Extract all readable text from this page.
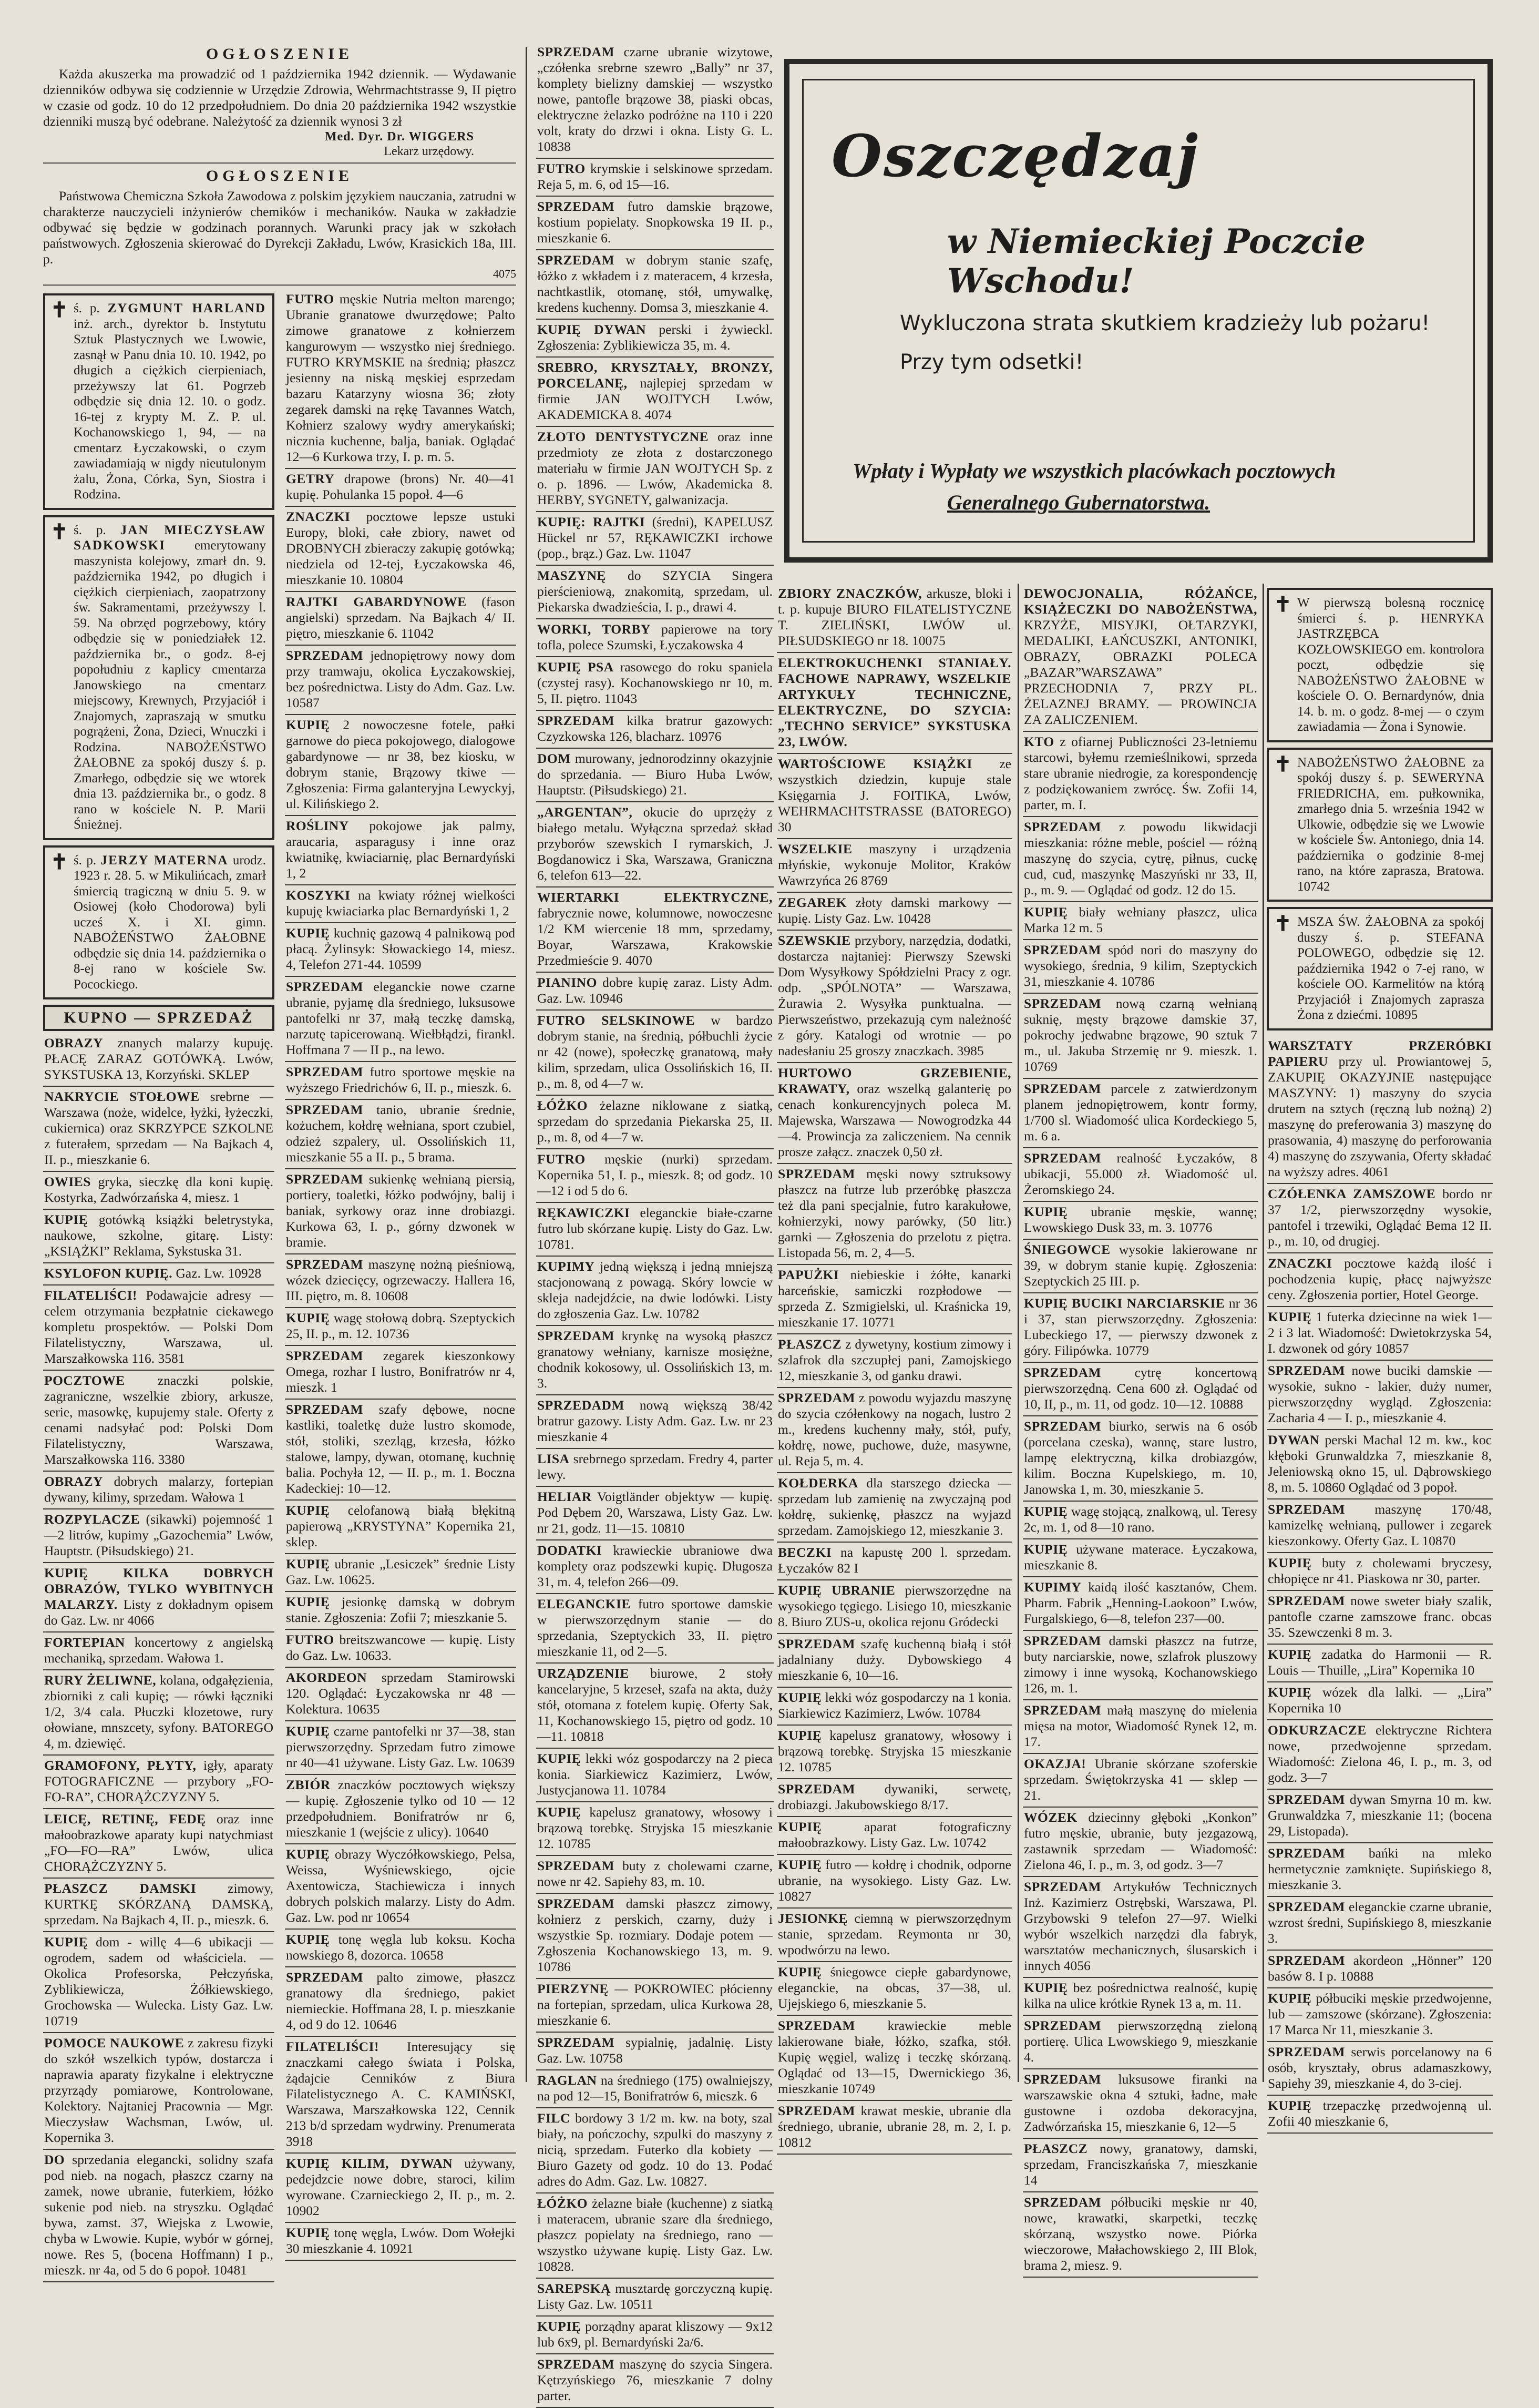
OGŁOSZENIE
Każda akuszerka ma prowadzić od 1 października 1942 dziennik. — Wydawanie dzienników odbywa się codziennie w Urzędzie Zdrowia, Wehrmachtstrasse 9, II piętro w czasie od godz. 10 do 12 przedpołudniem. Do dnia 20 października 1942 wszystkie dzienniki muszą być odebrane. Należytość za dziennik wynosi 3 zł
Med. Dyr. Dr. WIGGERS
Lekarz urzędowy.
OGŁOSZENIE
Państwowa Chemiczna Szkoła Zawodowa z polskim językiem nauczania, zatrudni w charakterze nauczycieli inżynierów chemików i mechaników. Nauka w zakładzie odbywać się będzie w godzinach porannych. Warunki pracy jak w szkołach państwowych. Zgłoszenia skierować do Dyrekcji Zakładu, Lwów, Krasickich 18a, III. p.
4075
✝ ś. p. ZYGMUNT HARLAND inż. arch., dyrektor b. Instytutu Sztuk Plastycznych we Lwowie, zasnął w Panu dnia 10. 10. 1942, po długich a ciężkich cierpieniach, przeżywszy lat 61. Pogrzeb odbędzie się dnia 12. 10. o godz. 16-tej z krypty M. Z. P. ul. Kochanowskiego 1, 94, — na cmentarz Łyczakowski, o czym zawiadamiają w nigdy nieutulonym żalu, Żona, Córka, Syn, Siostra i Rodzina.
✝ ś. p. JAN MIECZYSŁAW SADKOWSKI emerytowany maszynista kolejowy, zmarł dn. 9. października 1942, po długich i ciężkich cierpieniach, zaopatrzony św. Sakramentami, przeżywszy l. 59. Na obrzęd pogrzebowy, który odbędzie się w poniedziałek 12. października br., o godz. 8-ej popołudniu z kaplicy cmentarza Janowskiego na cmentarz miejscowy, Krewnych, Przyjaciół i Znajomych, zapraszają w smutku pogrążeni, Żona, Dzieci, Wnuczki i Rodzina. NABOŻEŃSTWO ŻAŁOBNE za spokój duszy ś. p. Zmarłego, odbędzie się we wtorek dnia 13. października br., o godz. 8 rano w kościele N. P. Marii Śnieżnej.
✝ ś. p. JERZY MATERNA urodz. 1923 r. 28. 5. w Mikulińcach, zmarł śmiercią tragiczną w dniu 5. 9. w Osiowej (koło Chodorowa) byli ucześ X. i XI. gimn. NABOŻEŃSTWO ŻAŁOBNE odbędzie się dnia 14. października o 8-ej rano w kościele Sw. Pocockiego.
KUPNO — SPRZEDAŻ
OBRAZY znanych malarzy kupuję. PŁACĘ ZARAZ GOTÓWKĄ. Lwów, SYKSTUSKA 13, Korzyński. SKLEP
NAKRYCIE STOŁOWE srebrne — Warszawa (noże, widelce, łyżki, łyżeczki, cukiernica) oraz SKRZYPCE SZKOLNE z futerałem, sprzedam — Na Bajkach 4, II. p., mieszkanie 6.
OWIES gryka, sieczkę dla koni kupię. Kostyrka, Zadwórzańska 4, miesz. 1
KUPIĘ gotówką książki beletrystyka, naukowe, szkolne, gitarę. Listy: „KSIĄŻKI” Reklama, Sykstuska 31.
KSYLOFON KUPIĘ. Gaz. Lw. 10928
FILATELIŚCI! Podawajcie adresy — celem otrzymania bezpłatnie ciekawego kompletu prospektów. — Polski Dom Filatelistyczny, Warszawa, ul. Marszałkowska 116. 3581
POCZTOWE znaczki polskie, zagraniczne, wszelkie zbiory, arkusze, serie, masowkę, kupujemy stale. Oferty z cenami nadsyłać pod: Polski Dom Filatelistyczny, Warszawa, Marszałkowska 116. 3380
OBRAZY dobrych malarzy, fortepian dywany, kilimy, sprzedam. Wałowa 1
ROZPYLACZE (sikawki) pojemność 1—2 litrów, kupimy „Gazochemia” Lwów, Hauptstr. (Piłsudskiego) 21.
KUPIĘ KILKA DOBRYCH OBRAZÓW, TYLKO WYBITNYCH MALARZY. Listy z dokładnym opisem do Gaz. Lw. nr 4066
FORTEPIAN koncertowy z angielską mechaniką, sprzedam. Wałowa 1.
RURY ŻELIWNE, kolana, odgałęzienia, zbiorniki z cali kupię; — rówki łączniki 1/2, 3/4 cala. Płuczki klozetowe, rury ołowiane, mnszcety, syfony. BATOREGO 4, m. dziewięć.
GRAMOFONY, PŁYTY, igły, aparaty FOTOGRAFICZNE — przybory „FO-FO-RA”, CHORĄŻCZYZNY 5.
LEICĘ, RETINĘ, FEDĘ oraz inne małoobrazkowe aparaty kupi natychmiast „FO—FO—RA” Lwów, ulica CHORĄŻCZYZNY 5.
PŁASZCZ DAMSKI zimowy, KURTKĘ SKÓRZANĄ DAMSKĄ, sprzedam. Na Bajkach 4, II. p., mieszk. 6.
KUPIĘ dom - willę 4—6 ubikacji — ogrodem, sadem od właściciela. — Okolica Profesorska, Pełczyńska, Zyblikiewicza, Żółkiewskiego, Grochowska — Wulecka. Listy Gaz. Lw. 10719
POMOCE NAUKOWE z zakresu fizyki do szkół wszelkich typów, dostarcza i naprawia aparaty fizykalne i elektryczne przyrządy pomiarowe, Kontrolowane, Kolektory. Najtaniej Pracownia — Mgr. Mieczysław Wachsman, Lwów, ul. Kopernika 3.
DO sprzedania elegancki, solidny szafa pod nieb. na nogach, płaszcz czarny na zamek, nowe ubranie, futerkiem, łóżko sukenie pod nieb. na stryszku. Oglądać bywa, zamst. 37, Wiejska z Lwowie, chyba w Lwowie. Kupie, wybór w górnej, nowe. Res 5, (bocena Hoffmann) I p., mieszk. nr 4a, od 5 do 6 popoł. 10481
FUTRO męskie Nutria melton marengo; Ubranie granatowe dwurzędowe; Palto zimowe granatowe z kołnierzem kangurowym — wszystko niej średniego. FUTRO KRYMSKIE na średnią; płaszcz jesienny na niską męskiej esprzedam bazaru Katarzyny wiosna 36; złoty zegarek damski na rękę Tavannes Watch, Kołnierz szalowy wydry amerykański; nicznia kuchenne, balja, baniak. Oglądać 12—6 Kurkowa trzy, I. p. m. 5.
GETRY drapowe (brons) Nr. 40—41 kupię. Pohulanka 15 popoł. 4—6
ZNACZKI pocztowe lepsze ustuki Europy, bloki, całe zbiory, nawet od DROBNYCH zbieraczy zakupię gotówką; niedziela od 12-tej, Łyczakowska 46, mieszkanie 10. 10804
RAJTKI GABARDYNOWE (fason angielski) sprzedam. Na Bajkach 4/ II. piętro, mieszkanie 6. 11042
SPRZEDAM jednopiętrowy nowy dom przy tramwaju, okolica Łyczakowskiej, bez pośrednictwa. Listy do Adm. Gaz. Lw. 10587
KUPIĘ 2 nowoczesne fotele, pałki garnowe do pieca pokojowego, dialogowe gabardynowe — nr 38, bez kiosku, w dobrym stanie, Brązowy tkiwe — Zgłoszenia: Firma galanteryjna Lewyckyj, ul. Kilińskiego 2.
ROŚLINY pokojowe jak palmy, araucaria, asparagusy i inne oraz kwiatnikę, kwiaciarnię, plac Bernardyński 1, 2
KOSZYKI na kwiaty różnej wielkości kupuję kwiaciarka plac Bernardyński 1, 2
KUPIĘ kuchnię gazową 4 palnikową pod płacą. Żylinsyk: Słowackiego 14, miesz. 4, Telefon 271-44. 10599
SPRZEDAM eleganckie nowe czarne ubranie, pyjamę dla średniego, luksusowe pantofelki nr 37, małą teczkę damską, narzutę tapicerowaną. Wiełbłądzi, firankl. Hoffmana 7 — II p., na lewo.
SPRZEDAM futro sportowe męskie na wyższego Friedrichów 6, II. p., mieszk. 6.
SPRZEDAM tanio, ubranie średnie, kożuchem, kołdrę wełniana, sport czubiel, odzież szpalery, ul. Ossolińskich 11, mieszkanie 55 a II. p., 5 brama.
SPRZEDAM sukienkę wełnianą piersią, portiery, toaletki, łóżko podwójny, balij i baniak, syrkowy oraz inne drobiazgi. Kurkowa 63, I. p., górny dzwonek w bramie.
SPRZEDAM maszynę nożną pieśniową, wózek dziecięcy, ogrzewaczy. Hallera 16, III. piętro, m. 8. 10608
KUPIĘ wagę stołową dobrą. Szeptyckich 25, II. p., m. 12. 10736
SPRZEDAM zegarek kieszonkowy Omega, rozhar I lustro, Bonifratrów nr 4, mieszk. 1
SPRZEDAM szafy dębowe, nocne kastliki, toaletkę duże lustro skomode, stół, stoliki, szezląg, krzesła, łóżko stalowe, lampy, dywan, otomanę, kuchnię balia. Pochyła 12, — II. p., m. 1. Boczna Kadeckiej: 10—12.
KUPIĘ celofanową białą błękitną papierową „KRYSTYNA” Kopernika 21, sklep.
KUPIĘ ubranie „Lesiczek” średnie Listy Gaz. Lw. 10625.
KUPIĘ jesionkę damską w dobrym stanie. Zgłoszenia: Zofii 7; mieszkanie 5.
FUTRO breitszwancowe — kupię. Listy do Gaz. Lw. 10633.
AKORDEON sprzedam Stamirowski 120. Oglądać: Łyczakowska nr 48 — Kolektura. 10635
KUPIĘ czarne pantofelki nr 37—38, stan pierwszorzędny. Sprzedam futro zimowe nr 40—41 używane. Listy Gaz. Lw. 10639
ZBIÓR znaczków pocztowych większy — kupię. Zgłoszenie tylko od 10 — 12 przedpołudniem. Bonifratrów nr 6, mieszkanie 1 (wejście z ulicy). 10640
KUPIĘ obrazy Wyczółkowskiego, Pelsa, Weissa, Wyśniewskiego, ojcie Axentowicza, Stachiewicza i innych dobrych polskich malarzy. Listy do Adm. Gaz. Lw. pod nr 10654
KUPIĘ tonę węgla lub koksu. Kocha nowskiego 8, dozorca. 10658
SPRZEDAM palto zimowe, płaszcz granatowy dla średniego, pakiet niemieckie. Hoffmana 28, I. p. mieszkanie 4, od 9 do 12. 10646
FILATELIŚCI! Interesujący się znaczkami całego świata i Polska, żądajcie Cenników z Biura Filatelistycznego A. C. KAMIŃSKI, Warszawa, Marszałkowska 122, Cennik 213 b/d sprzedam wydrwiny. Prenumerata 3918
KUPIĘ KILIM, DYWAN używany, pedejdzcie nowe dobre, staroci, kilim wyrowane. Czarnieckiego 2, II. p., m. 2. 10902
KUPIĘ tonę węgla, Lwów. Dom Wołejki 30 mieszkanie 4. 10921
SPRZEDAM czarne ubranie wizytowe, „czółenka srebrne szewro „Bally” nr 37, komplety bielizny damskiej — wszystko nowe, pantofle brązowe 38, piaski obcas, elektryczne żelazko podróżne na 110 i 220 volt, kraty do drzwi i okna. Listy G. L. 10838
FUTRO krymskie i selskinowe sprzedam. Reja 5, m. 6, od 15—16.
SPRZEDAM futro damskie brązowe, kostium popielaty. Snopkowska 19 II. p., mieszkanie 6.
SPRZEDAM w dobrym stanie szafę, łóżko z wkładem i z materacem, 4 krzesła, nachtkastlik, otomanę, stół, umywalkę, kredens kuchenny. Domsa 3, mieszkanie 4.
KUPIĘ DYWAN perski i żywieckl. Zgłoszenia: Zyblikiewicza 35, m. 4.
SREBRO, KRYSZTAŁY, BRONZY, PORCELANĘ, najlepiej sprzedam w firmie JAN WOJTYCH Lwów, AKADEMICKA 8. 4074
ZŁOTO DENTYSTYCZNE oraz inne przedmioty ze złota z dostarczonego materiału w firmie JAN WOJTYCH Sp. z o. p. 1896. — Lwów, Akademicka 8. HERBY, SYGNETY, galwanizacja.
KUPIĘ: RAJTKI (średni), KAPELUSZ Hückel nr 57, RĘKAWICZKI irchowe (pop., brąz.) Gaz. Lw. 11047
MASZYNĘ do SZYCIA Singera pierścieniową, znakomitą, sprzedam, ul. Piekarska dwadzieścia, I. p., drawi 4.
WORKI, TORBY papierowe na tory tofla, polece Szumski, Łyczakowska 4
KUPIĘ PSA rasowego do roku spaniela (czystej rasy). Kochanowskiego nr 10, m. 5, II. piętro. 11043
SPRZEDAM kilka bratrur gazowych: Czyzkowska 126, blacharz. 10976
DOM murowany, jednorodzinny okazyjnie do sprzedania. — Biuro Huba Lwów, Hauptstr. (Piłsudskiego) 21.
„ARGENTAN”, okucie do uprzęży z białego metalu. Wyłączna sprzedaż skład przyborów szewskich I rymarskich, J. Bogdanowicz i Ska, Warszawa, Graniczna 6, telefon 613—22.
WIERTARKI ELEKTRYCZNE, fabrycznie nowe, kolumnowe, nowoczesne 1/2 KM wiercenie 18 mm, sprzedamy, Boyar, Warszawa, Krakowskie Przedmieście 9. 4070
PIANINO dobre kupię zaraz. Listy Adm. Gaz. Lw. 10946
FUTRO SELSKINOWE w bardzo dobrym stanie, na średnią, półbuchli życie nr 42 (nowe), społeczkę granatową, mały kilim, sprzedam, ulica Ossolińskich 16, II. p., m. 8, od 4—7 w.
ŁÓŻKO żelazne niklowane z siatką, sprzedam do sprzedania Piekarska 25, II. p., m. 8, od 4—7 w.
FUTRO męskie (nurki) sprzedam. Kopernika 51, I. p., mieszk. 8; od godz. 10—12 i od 5 do 6.
RĘKAWICZKI eleganckie białe-czarne futro lub skórzane kupię. Listy do Gaz. Lw. 10781.
KUPIMY jedną większą i jedną mniejszą stacjonowaną z powagą. Skóry lowcie w skleja nadejdźcie, na dwie lodówki. Listy do zgłoszenia Gaz. Lw. 10782
SPRZEDAM krynkę na wysoką płaszcz granatowy wełniany, karnisze mosiężne, chodnik kokosowy, ul. Ossolińskich 13, m. 3.
SPRZEDADM nową większą 38/42 bratrur gazowy. Listy Adm. Gaz. Lw. nr 23 mieszkanie 4
LISA srebrnego sprzedam. Fredry 4, parter lewy.
HELIAR Voigtländer objektyw — kupię. Pod Dębem 20, Warszawa, Listy Gaz. Lw. nr 21, godz. 11—15. 10810
DODATKI krawieckie ubraniowe dwa komplety oraz podszewki kupię. Długosza 31, m. 4, telefon 266—09.
ELEGANCKIE futro sportowe damskie w pierwszorzędnym stanie — do sprzedania, Szeptyckich 33, II. piętro mieszkanie 11, od 2—5.
URZĄDZENIE biurowe, 2 stoły kancelaryjne, 5 krzeseł, szafa na akta, duży stół, otomana z fotelem kupię. Oferty Sak, 11, Kochanowskiego 15, piętro od godz. 10—11. 10818
KUPIĘ lekki wóz gospodarczy na 2 pieca konia. Siarkiewicz Kazimierz, Lwów, Justycjanowa 11. 10784
KUPIĘ kapelusz granatowy, włosowy i brązową torebkę. Stryjska 15 mieszkanie 12. 10785
SPRZEDAM buty z cholewami czarne, nowe nr 42. Sapiehy 83, m. 10.
SPRZEDAM damski płaszcz zimowy, kołnierz z perskich, czarny, duży i wszystkie Sp. rozmiary. Dodaje potem — Zgłoszenia Kochanowskiego 13, m. 9. 10786
PIERZYNĘ — POKROWIEC płócienny na fortepian, sprzedam, ulica Kurkowa 28, mieszkanie 6.
SPRZEDAM sypialnię, jadalnię. Listy Gaz. Lw. 10758
RAGLAN na średniego (175) owalniejszy, na pod 12—15, Bonifratrów 6, mieszk. 6
FILC bordowy 3 1/2 m. kw. na boty, szal biały, na pończochy, szpulki do maszyny z nicią, sprzedam. Futerko dla kobiety — Biuro Gazety od godz. 10 do 13. Podać adres do Adm. Gaz. Lw. 10827.
ŁÓŻKO żelazne białe (kuchenne) z siatką i materacem, ubranie szare dla średniego, płaszcz popielaty na średniego, rano — wszystko używane kupię. Listy Gaz. Lw. 10828.
SAREPSKĄ musztardę gorczyczną kupię. Listy Gaz. Lw. 10511
KUPIĘ porządny aparat kliszowy — 9x12 lub 6x9, pl. Bernardyński 2a/6.
SPRZEDAM maszynę do szycia Singera. Kętrzyńskiego 76, mieszkanie 7 dolny parter.
Oszczędzaj
w Niemieckiej Poczcie Wschodu!
Wykluczona strata skutkiem kradzieży lub pożaru!
Przy tym odsetki!
Wpłaty i Wypłaty we wszystkich placówkach pocztowych
Generalnego Gubernatorstwa.
ZBIORY ZNACZKÓW, arkusze, bloki i t. p. kupuje BIURO FILATELISTYCZNE T. ZIELIŃSKI, LWÓW ul. PIŁSUDSKIEGO nr 18. 10075
ELEKTROKUCHENKI STANIAŁY. FACHOWE NAPRAWY, WSZELKIE ARTYKUŁY TECHNICZNE, ELEKTRYCZNE, DO SZYCIA: „TECHNO SERVICE” SYKSTUSKA 23, LWÓW.
WARTOŚCIOWE KSIĄŻKI ze wszystkich dziedzin, kupuje stale Księgarnia J. FOITIKA, Lwów, WEHRMACHTSTRASSE (BATOREGO) 30
WSZELKIE maszyny i urządzenia młyńskie, wykonuje Molitor, Kraków Wawrzyńca 26 8769
ZEGAREK złoty damski markowy — kupię. Listy Gaz. Lw. 10428
SZEWSKIE przybory, narzędzia, dodatki, dostarcza najtaniej: Pierwszy Szewski Dom Wysyłkowy Spółdzielni Pracy z ogr. odp. „SPÓLNOTA” — Warszawa, Żurawia 2. Wysyłka punktualna. — Pierwszeństwo, przekazują cym należność z góry. Katalogi od wrotnie — po nadesłaniu 25 groszy znaczkach. 3985
HURTOWO GRZEBIENIE, KRAWATY, oraz wszelką galanterię po cenach konkurencyjnych poleca M. Majewska, Warszawa — Nowogrodzka 44—4. Prowincja za zaliczeniem. Na cennik prosze załącz. znaczek 0,50 zł.
SPRZEDAM męski nowy sztruksowy płaszcz na futrze lub przeróbkę płaszcza też dla pani specjalnie, futro karakułowe, kołnierzyki, nowy parówky, (50 litr.) garnki — Zgłoszenia do przelotu z piętra. Listopada 56, m. 2, 4—5.
PAPUŻKI niebieskie i żółte, kanarki harceńskie, samiczki rozpłodowe — sprzeda Z. Szmigielski, ul. Kraśnicka 19, mieszkanie 17. 10771
PŁASZCZ z dywetyny, kostium zimowy i szlafrok dla szczupłej pani, Zamojskiego 12, mieszkanie 3, od ganku drawi.
SPRZEDAM z powodu wyjazdu maszynę do szycia czółenkowy na nogach, lustro 2 m., kredens kuchenny mały, stół, pufy, kołdrę, nowe, puchowe, duże, masywne, ul. Reja 5, m. 4.
KOŁDERKA dla starszego dziecka — sprzedam lub zamienię na zwyczajną pod kołdrę, sukienkę, płaszcz na wyjazd sprzedam. Zamojskiego 12, mieszkanie 3.
BECZKI na kapustę 200 l. sprzedam. Łyczaków 82 I
KUPIĘ UBRANIE pierwszorzędne na wysokiego tęgiego. Lisiego 10, mieszkanie 8. Biuro ZUS-u, okolica rejonu Gródecki
SPRZEDAM szafę kuchenną białą i stół jadalniany duży. Dybowskiego 4 mieszkanie 6, 10—16.
KUPIĘ lekki wóz gospodarczy na 1 konia. Siarkiewicz Kazimierz, Lwów. 10784
KUPIĘ kapelusz granatowy, włosowy i brązową torebkę. Stryjska 15 mieszkanie 12. 10785
SPRZEDAM dywaniki, serwetę, drobiazgi. Jakubowskiego 8/17.
KUPIĘ	aparat fotograficzny małoobrazkowy. Listy Gaz. Lw. 10742
KUPIĘ futro — kołdrę i chodnik, odporne ubranie, na wysokiego. Listy Gaz. Lw. 10827
JESIONKĘ ciemną w pierwszorzędnym stanie, sprzedam. Reymonta nr 30, wpodwórzu na lewo.
KUPIĘ śniegowce ciepłe gabardynowe, eleganckie, na obcas, 37—38, ul. Ujejskiego 6, mieszkanie 5.
SPRZEDAM krawieckie meble lakierowane białe, łóżko, szafka, stół. Kupię węgiel, walizę i teczkę skórzaną. Oglądać od 13—15, Dwernickiego 36, mieszkanie 10749
SPRZEDAM krawat meskie, ubranie dla średniego, ubranie, ubranie 28, m. 2, I. p. 10812
DEWOCJONALIA, RÓŻAŃCE, KSIĄŻECZKI DO NABOŻEŃSTWA, KRZYŻE, MISYJKI, OŁTARZYKI, MEDALIKI, ŁAŃCUSZKI, ANTONIKI, OBRAZY, OBRAZKI POLECA „BAZAR”WARSZAWA” PRZECHODNIA 7, PRZY PL. ŻELAZNEJ BRAMY. — PROWINCJA ZA ZALICZENIEM.
KTO z ofiarnej Publiczności 23-letniemu starcowi, byłemu rzemieślnikowi, sprzeda stare ubranie niedrogie, za korespondencję z podziękowaniem zwrócę. Św. Zofii 14, parter, m. I.
SPRZEDAM z powodu likwidacji mieszkania: różne meble, pościel — różną maszynę do szycia, cytrę, piłnus, cuckę cud, cud, maszynkę Maszyński nr 33, II, p., m. 9. — Oglądać od godz. 12 do 15.
KUPIĘ biały wełniany płaszcz, ulica Marka 12 m. 5
SPRZEDAM spód nori do maszyny do wysokiego, średnia, 9 kilim, Szeptyckich 31, mieszkanie 4. 10786
SPRZEDAM nową czarną wełnianą suknię, męsty brązowe damskie 37, pokrochy jedwabne brązowe, 90 sztuk 7 m., ul. Jakuba Strzemię nr 9. mieszk. 1. 10769
SPRZEDAM parcele z zatwierdzonym planem jednopiętrowem, kontr formy, 1/700 sl. Wiadomość ulica Kordeckiego 5, m. 6 a.
SPRZEDAM realność Łyczaków, 8 ubikacji, 55.000 zł. Wiadomość ul. Żeromskiego 24.
KUPIĘ ubranie męskie, wannę; Lwowskiego Dusk 33, m. 3. 10776
ŚNIEGOWCE wysokie lakierowane nr 39, w dobrym stanie kupię. Zgłoszenia: Szeptyckich 25 III. p.
KUPIĘ BUCIKI NARCIARSKIE nr 36 i 37, stan pierwszorzędny. Zgłoszenia: Lubeckiego 17, — pierwszy dzwonek z góry. Filipówka. 10779
SPRZEDAM cytrę koncertową pierwszorzędną. Cena 600 zł. Oglądać od 10, II, p., m. 11, od godz. 10—12. 10888
SPRZEDAM biurko, serwis na 6 osób (porcelana czeska), wannę, stare lustro, lampę elektryczną, kilka drobiazgów, kilim. Boczna Kupelskiego, m. 10, Janowska 1, m. 30, mieszkanie 5.
KUPIĘ wagę stojącą, znalkową, ul. Teresy 2c, m. 1, od 8—10 rano.
KUPIĘ używane materace. Łyczakowa, mieszkanie 8.
KUPIMY kaidą ilość kasztanów, Chem. Pharm. Fabrik „Henning-Laokoon” Lwów, Furgalskiego, 6—8, telefon 237—00.
SPRZEDAM damski płaszcz na futrze, buty narciarskie, nowe, szlafrok pluszowy zimowy i inne wysoką, Kochanowskiego 126, m. 1.
SPRZEDAM małą maszynę do mielenia mięsa na motor, Wiadomość Rynek 12, m. 17.
OKAZJA! Ubranie skórzane szoferskie sprzedam. Świętokrzyska 41 — sklep — 21.
WÓZEK dziecinny głęboki „Konkon” futro męskie, ubranie, buty jezgazową, zastawnik sprzedam — Wiadomość: Zielona 46, I. p., m. 3, od godz. 3—7
SPRZEDAM Artykułów Technicznych Inż. Kazimierz Ostrębski, Warszawa, Pl. Grzybowski 9 telefon 27—97. Wielki wybór wszelkich narzędzi dla fabryk, warsztatów mechanicznych, ślusarskich i innych 4056
KUPIĘ bez pośrednictwa realność, kupię kilka na ulice krótkie Rynek 13 a, m. 11.
SPRZEDAM pierwszorzędną zieloną portierę. Ulica Lwowskiego 9, mieszkanie 4.
SPRZEDAM luksusowe firanki na warszawskie okna 4 sztuki, ładne, małe gustowne i ozdoba dekoracyjna, Zadwórzańska 15, mieszkanie 6, 12—5
PŁASZCZ nowy, granatowy, damski, sprzedam, Franciszkańska 7, mieszkanie 14
SPRZEDAM półbuciki męskie nr 40, nowe, krawatki, skarpetki, teczkę skórzaną, wszystko nowe. Piórka wieczorowe, Małachowskiego 2, III Blok, brama 2, miesz. 9.
✝ W pierwszą bolesną rocznicę śmierci ś. p. HENRYKA JASTRZĘBCA KOZŁOWSKIEGO em. kontrolora poczt, odbędzie się NABOŻEŃSTWO ŻAŁOBNE w kościele O. O. Bernardynów, dnia 14. b. m. o godz. 8-mej — o czym zawiadamia — Żona i Synowie.
✝ NABOŻEŃSTWO ŻAŁOBNE za spokój duszy ś. p. SEWERYNA FRIEDRICHA, em. pułkownika, zmarłego dnia 5. września 1942 w Ulkowie, odbędzie się we Lwowie w kościele Św. Antoniego, dnia 14. października o godzinie 8-mej rano, na które zaprasza, Bratowa. 10742
✝ MSZA ŚW. ŻAŁOBNA za spokój duszy ś. p. STEFANA POLOWEGO, odbędzie się 12. października 1942 o 7-ej rano, w kościele OO. Karmelitów na którą Przyjaciół i Znajomych zaprasza Żona z dziećmi. 10895
WARSZTATY PRZERÓBKI PAPIERU przy ul. Prowiantowej 5, ZAKUPIĘ OKAZYJNIE następujące MASZYNY: 1) maszyny do szycia drutem na sztych (ręczną lub nożną) 2) maszynę do preferowania 3) maszynę do prasowania, 4) maszynę do perforowania 4) maszynę do zszywania, Oferty składać na wyższy adres. 4061
CZÓŁENKA ZAMSZOWE bordo nr 37 1/2, pierwszorzędny wysokie, pantofel i trzewiki, Oglądać Bema 12 II. p., m. 10, od drugiej.
ZNACZKI pocztowe każdą ilość i pochodzenia kupię, płacę najwyższe ceny. Zgłoszenia portier, Hotel George.
KUPIĘ 1 futerka dziecinne na wiek 1—2 i 3 lat. Wiadomość: Dwietokrzyska 54, I. dzwonek od góry 10857
SPRZEDAM nowe buciki damskie — wysokie, sukno - lakier, duży numer, pierwszorzędny wygląd. Zgłoszenia: Zacharia 4 — I. p., mieszkanie 4.
DYWAN perski Machal 12 m. kw., koc kłęboki Grunwaldzka 7, mieszkanie 8, Jeleniowską okno 15, ul. Dąbrowskiego 8, m. 5. 10860 Oglądać od 3 popoł.
SPRZEDAM maszynę 170/48, kamizelkę wełnianą, pullower i zegarek kieszonkowy. Oferty Gaz. L 10870
KUPIĘ buty z cholewami bryczesy, chłopięce nr 41. Piaskowa nr 30, parter.
SPRZEDAM nowe sweter biały szalik, pantofle czarne zamszowe franc. obcas 35. Szewczenki 8 m. 3.
KUPIĘ zadatka do Harmonii — R. Louis — Thuille, „Lira” Kopernika 10
KUPIĘ wózek dla lalki. — „Lira” Kopernika 10
ODKURZACZE elektryczne Richtera nowe, przedwojenne sprzedam. Wiadomość: Zielona 46, I. p., m. 3, od godz. 3—7
SPRZEDAM dywan Smyrna 10 m. kw. Grunwaldzka 7, mieszkanie 11; (bocena 29, Listopada).
SPRZEDAM bańki na mleko hermetycznie zamknięte. Supińskiego 8, mieszkanie 3.
SPRZEDAM eleganckie czarne ubranie, wzrost średni, Supińskiego 8, mieszkanie 3.
SPRZEDAM akordeon „Hönner” 120 basów 8. I p. 10888
KUPIĘ półbuciki męskie przedwojenne, lub — zamszowe (skórzane). Zgłoszenia: 17 Marca Nr 11, mieszkanie 3.
SPRZEDAM serwis porcelanowy na 6 osób, kryształy, obrus adamaszkowy, Sapiehy 39, mieszkanie 4, do 3-ciej.
KUPIĘ trzepaczkę przedwojenną ul. Zofii 40 mieszkanie 6,
